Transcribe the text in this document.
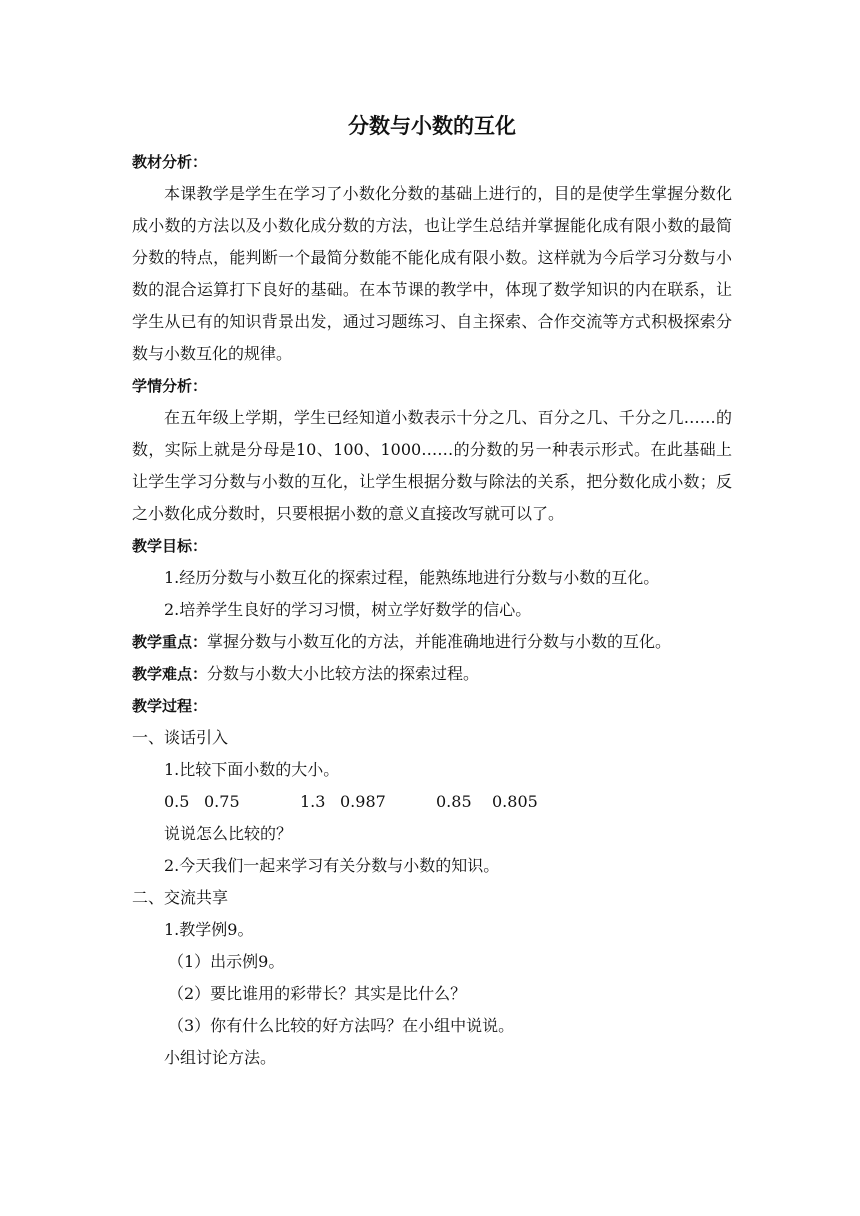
分数与小数的互化

教材分析：

本课教学是学生在学习了小数化分数的基础上进行的，目的是使学生掌握分数化成小数的方法以及小数化成分数的方法，也让学生总结并掌握能化成有限小数的最简分数的特点，能判断一个最简分数能不能化成有限小数。这样就为今后学习分数与小数的混合运算打下良好的基础。在本节课的教学中，体现了数学知识的内在联系，让学生从已有的知识背景出发，通过习题练习、自主探索、合作交流等方式积极探索分数与小数互化的规律。

学情分析：

在五年级上学期，学生已经知道小数表示十分之几、百分之几、千分之几……的数，实际上就是分母是10、100、1000……的分数的另一种表示形式。在此基础上让学生学习分数与小数的互化，让学生根据分数与除法的关系，把分数化成小数；反之小数化成分数时，只要根据小数的意义直接改写就可以了。

教学目标：

1.经历分数与小数互化的探索过程，能熟练地进行分数与小数的互化。

2.培养学生良好的学习习惯，树立学好数学的信心。

教学重点：掌握分数与小数互化的方法，并能准确地进行分数与小数的互化。

教学难点：分数与小数大小比较方法的探索过程。

教学过程：

一、谈话引入

1.比较下面小数的大小。

0.5 0.75	1.3 0.987	0.85 0.805

说说怎么比较的？

2.今天我们一起来学习有关分数与小数的知识。

二、交流共享

1.教学例9。

（1）出示例9。

（2）要比谁用的彩带长？其实是比什么？

（3）你有什么比较的好方法吗？在小组中说说。

小组讨论方法。
